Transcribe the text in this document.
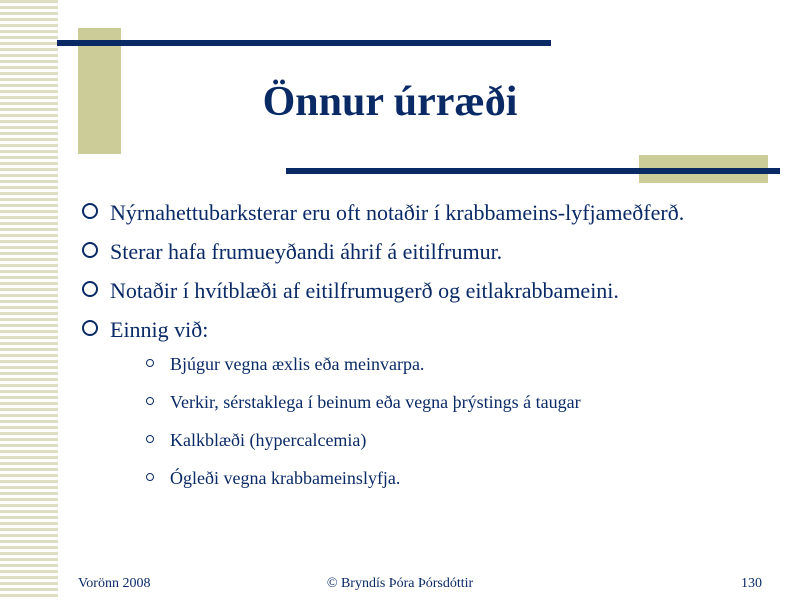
Önnur úrræði
Nýrnahettubarksterar eru oft notaðir í krabbameins-lyfjameðferð.
Sterar hafa frumueyðandi áhrif á eitilfrumur.
Notaðir í hvítblæði af eitilfrumugerð og eitlakrabbameini.
Einnig við:
Bjúgur vegna æxlis eða meinvarpa.
Verkir, sérstaklega í beinum eða vegna þrýstings á taugar
Kalkblæði (hypercalcemia)
Ógleði vegna krabbameinslyfja.
Vorönn 2008	© Bryndís Þóra Þórsdóttir	130
